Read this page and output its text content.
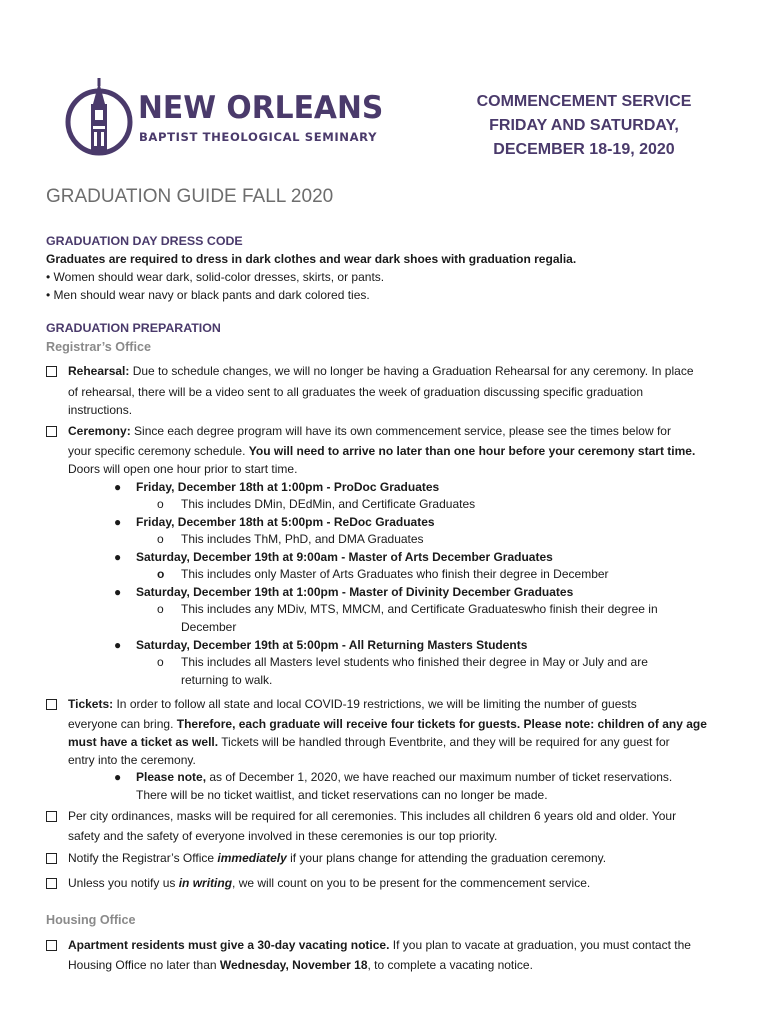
NEW ORLEANS
BAPTIST THEOLOGICAL SEMINARY
COMMENCEMENT SERVICE
FRIDAY AND SATURDAY,
DECEMBER 18-19, 2020
GRADUATION GUIDE FALL 2020
GRADUATION DAY DRESS CODE
Graduates are required to dress in dark clothes and wear dark shoes with graduation regalia.
• Women should wear dark, solid-color dresses, skirts, or pants.
• Men should wear navy or black pants and dark colored ties.
GRADUATION PREPARATION
Registrar’s Office
Rehearsal: Due to schedule changes, we will no longer be having a Graduation Rehearsal for any ceremony. In place
of rehearsal, there will be a video sent to all graduates the week of graduation discussing specific graduation
instructions.
Ceremony: Since each degree program will have its own commencement service, please see the times below for
your specific ceremony schedule. You will need to arrive no later than one hour before your ceremony start time.
Doors will open one hour prior to start time.
● Friday, December 18th at 1:00pm - ProDoc Graduates
o This includes DMin, DEdMin, and Certificate Graduates
● Friday, December 18th at 5:00pm - ReDoc Graduates
o This includes ThM, PhD, and DMA Graduates
● Saturday, December 19th at 9:00am - Master of Arts December Graduates
o This includes only Master of Arts Graduates who finish their degree in December
● Saturday, December 19th at 1:00pm - Master of Divinity December Graduates
o This includes any MDiv, MTS, MMCM, and Certificate Graduateswho finish their degree in
December
● Saturday, December 19th at 5:00pm - All Returning Masters Students
o This includes all Masters level students who finished their degree in May or July and are
returning to walk.
Tickets: In order to follow all state and local COVID-19 restrictions, we will be limiting the number of guests
everyone can bring. Therefore, each graduate will receive four tickets for guests. Please note: children of any age
must have a ticket as well. Tickets will be handled through Eventbrite, and they will be required for any guest for
entry into the ceremony.
● Please note, as of December 1, 2020, we have reached our maximum number of ticket reservations.
There will be no ticket waitlist, and ticket reservations can no longer be made.
Per city ordinances, masks will be required for all ceremonies. This includes all children 6 years old and older. Your
safety and the safety of everyone involved in these ceremonies is our top priority.
Notify the Registrar’s Office immediately if your plans change for attending the graduation ceremony.
Unless you notify us in writing, we will count on you to be present for the commencement service.
Housing Office
Apartment residents must give a 30-day vacating notice. If you plan to vacate at graduation, you must contact the
Housing Office no later than Wednesday, November 18, to complete a vacating notice.
